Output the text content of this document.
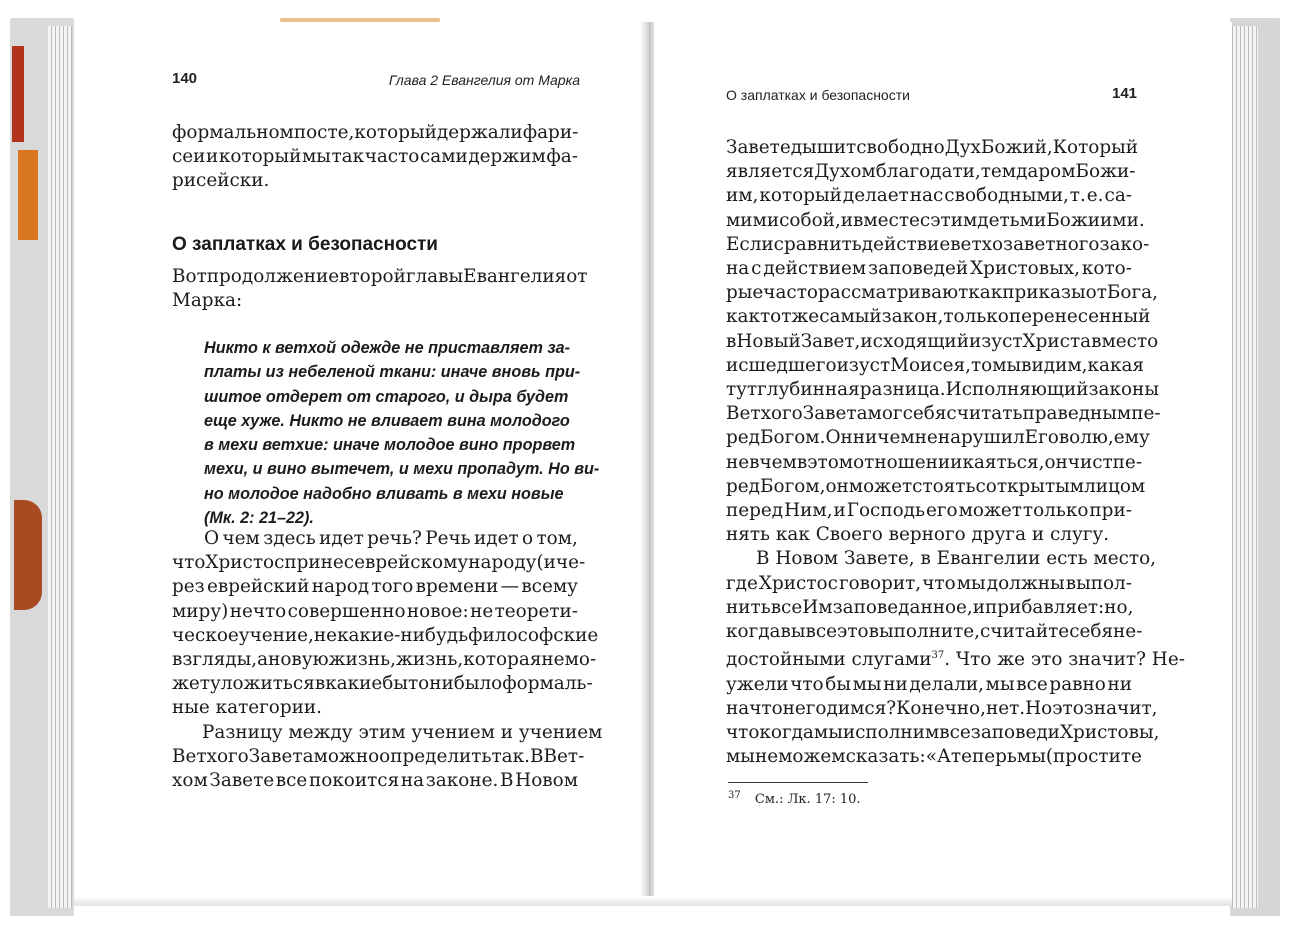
140	Глава 2 Евангелия от Марка
формальном посте, который держали фари-
сеи и который мы так часто сами держим фа-
рисейски.
О заплатках и безопасности
Вот продолжение второй главы Евангелия от
Марка:
Никто к ветхой одежде не приставляет за-
платы из небеленой ткани: иначе вновь при-
шитое отдерет от старого, и дыра будет
еще хуже. Никто не вливает вина молодого
в мехи ветхие: иначе молодое вино прорвет
мехи, и вино вытечет, и мехи пропадут. Но ви-
но молодое надобно вливать в мехи новые
(Мк. 2: 21–22).
О чем здесь идет речь? Речь идет о том,
что Христос принес еврейскому народу (и че-
рез еврейский народ того времени — всему
миру) нечто совершенно новое: не теорети-
ческое учение, не какие-нибудь философские
взгляды, а новую жизнь, жизнь, которая не мо-
жет уложиться в какие бы то ни было формаль-
ные категории.
Разницу между этим учением и учением
Ветхого Завета можно определить так. В Вет-
хом Завете все покоится на законе. В Новом
О заплатках и безопасности	141
Завете дышит свободно Дух Божий, Который
является Духом благодати, тем даром Божи-
им, который делает нас свободными, т. е. са-
мими собой, и вместе с этим детьми Божиими.
Если сравнить действие ветхозаветного зако-
на с действием заповедей Христовых, кото-
рые часто рассматривают как приказы от Бога,
как тот же самый закон, только перенесенный
в Новый Завет, исходящий из уст Христа вместо
исшедшего из уст Моисея, то мы видим, какая
тут глубинная разница. Исполняющий законы
Ветхого Завета мог себя считать праведным пе-
ред Богом. Он ничем не нарушил Его волю, ему
не в чем в этом отношении каяться, он чист пе-
ред Богом, он может стоять с открытым лицом
перед Ним, и Господь его может только при-
нять как Своего верного друга и слугу.
В Новом Завете, в Евангелии есть место,
где Христос говорит, что мы должны выпол-
нить все Им заповеданное, и прибавляет: но,
когда вы все это выполните, считайте себя не-
достойными слугами$^{37}$. Что же это значит? Не-
ужели что бы мы ни делали, мы все равно ни
на что не годимся? Конечно, нет. Но это значит,
что когда мы исполним все заповеди Христовы,
мы не можем сказать: «А теперь мы (простите
$^{37}$ См.: Лк. 17: 10.
